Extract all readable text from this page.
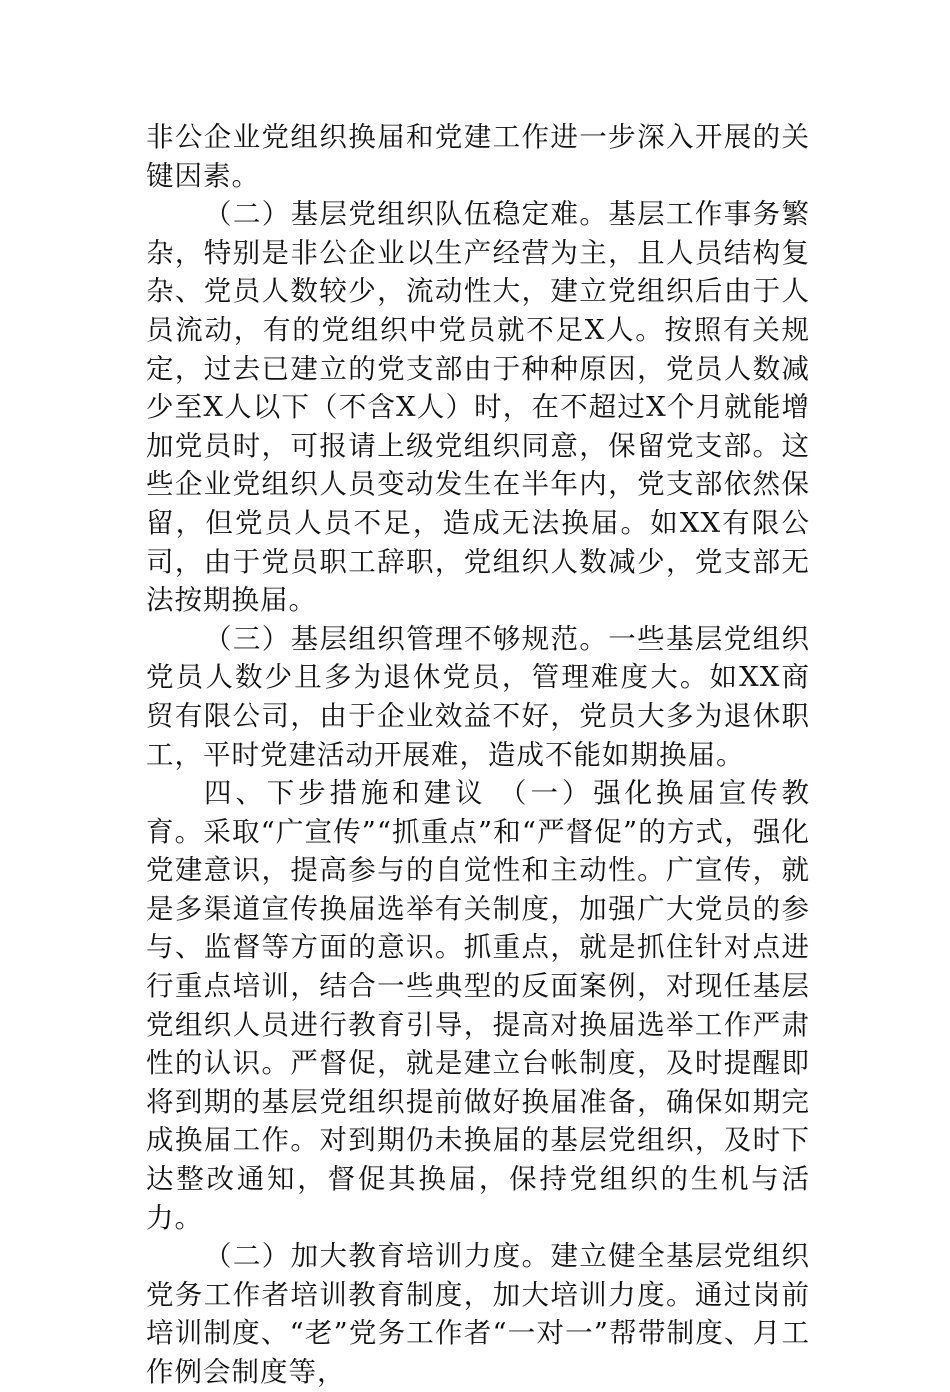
非公企业党组织换届和党建工作进一步深入开展的关键因素。

（二）基层党组织队伍稳定难。基层工作事务繁杂，特别是非公企业以生产经营为主，且人员结构复杂、党员人数较少，流动性大，建立党组织后由于人员流动，有的党组织中党员就不足X人。按照有关规定，过去已建立的党支部由于种种原因，党员人数减少至X人以下（不含X人）时，在不超过X个月就能增加党员时，可报请上级党组织同意，保留党支部。这些企业党组织人员变动发生在半年内，党支部依然保留，但党员人员不足，造成无法换届。如XX有限公司，由于党员职工辞职，党组织人数减少，党支部无法按期换届。

（三）基层组织管理不够规范。一些基层党组织党员人数少且多为退休党员，管理难度大。如XX商贸有限公司，由于企业效益不好，党员大多为退休职工，平时党建活动开展难，造成不能如期换届。

四、下步措施和建议 （一）强化换届宣传教育。采取“广宣传”“抓重点”和“严督促”的方式，强化党建意识，提高参与的自觉性和主动性。广宣传，就是多渠道宣传换届选举有关制度，加强广大党员的参与、监督等方面的意识。抓重点，就是抓住针对点进行重点培训，结合一些典型的反面案例，对现任基层党组织人员进行教育引导，提高对换届选举工作严肃性的认识。严督促，就是建立台帐制度，及时提醒即将到期的基层党组织提前做好换届准备，确保如期完成换届工作。对到期仍未换届的基层党组织，及时下达整改通知，督促其换届，保持党组织的生机与活力。

（二）加大教育培训力度。建立健全基层党组织党务工作者培训教育制度，加大培训力度。通过岗前培训制度、“老”党务工作者“一对一”帮带制度、月工作例会制度等，
